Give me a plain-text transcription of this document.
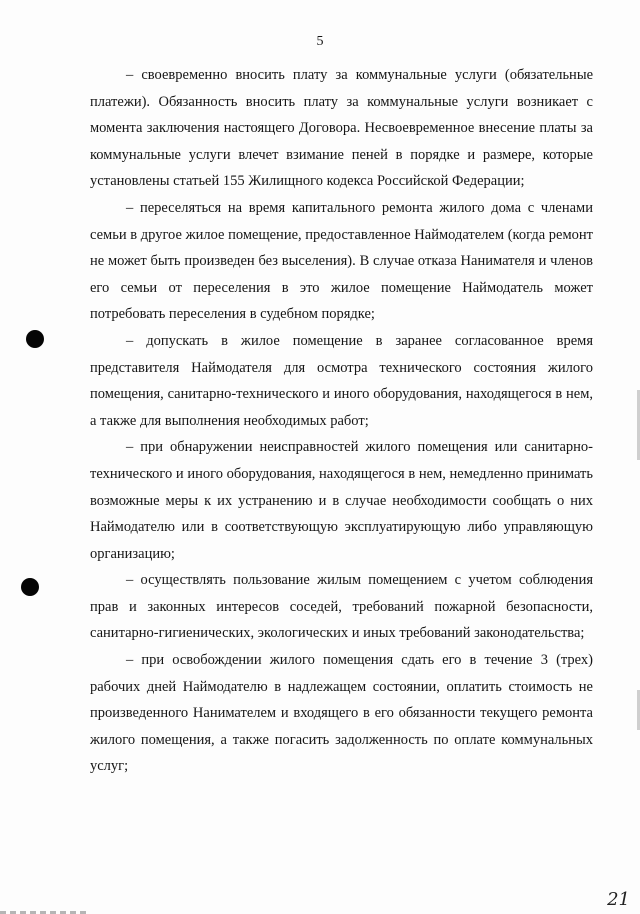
5

– своевременно вносить плату за коммунальные услуги (обязательные платежи). Обязанность вносить плату за коммунальные услуги возникает с момента заключения настоящего Договора. Несвоевременное внесение платы за коммунальные услуги влечет взимание пеней в порядке и размере, которые установлены статьей 155 Жилищного кодекса Российской Федерации;

– переселяться на время капитального ремонта жилого дома с членами семьи в другое жилое помещение, предоставленное Наймодателем (когда ремонт не может быть произведен без выселения). В случае отказа Нанимателя и членов его семьи от переселения в это жилое помещение Наймодатель может потребовать переселения в судебном порядке;

– допускать в жилое помещение в заранее согласованное время представителя Наймодателя для осмотра технического состояния жилого помещения, санитарно-технического и иного оборудования, находящегося в нем, а также для выполнения необходимых работ;

– при обнаружении неисправностей жилого помещения или санитарно-технического и иного оборудования, находящегося в нем, немедленно принимать возможные меры к их устранению и в случае необходимости сообщать о них Наймодателю или в соответствующую эксплуатирующую либо управляющую организацию;

– осуществлять пользование жилым помещением с учетом соблюдения прав и законных интересов соседей, требований пожарной безопасности, санитарно-гигиенических, экологических и иных требований законодательства;

– при освобождении жилого помещения сдать его в течение 3 (трех) рабочих дней Наймодателю в надлежащем состоянии, оплатить стоимость не произведенного Нанимателем и входящего в его обязанности текущего ремонта жилого помещения, а также погасить задолженность по оплате коммунальных услуг;

21
